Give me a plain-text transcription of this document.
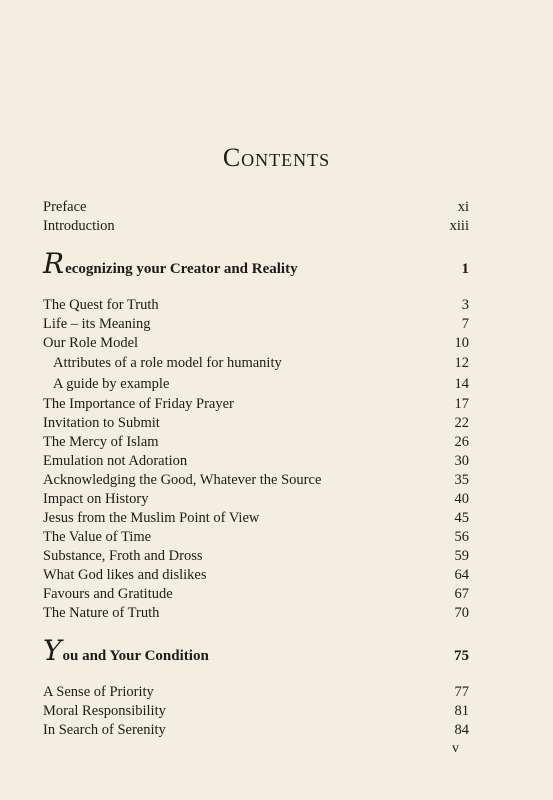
Contents
Preface	xi
Introduction	xiii
Recognizing your Creator and Reality	1
The Quest for Truth	3
Life – its Meaning	7
Our Role Model	10
Attributes of a role model for humanity	12
A guide by example	14
The Importance of Friday Prayer	17
Invitation to Submit	22
The Mercy of Islam	26
Emulation not Adoration	30
Acknowledging the Good, Whatever the Source	35
Impact on History	40
Jesus from the Muslim Point of View	45
The Value of Time	56
Substance, Froth and Dross	59
What God likes and dislikes	64
Favours and Gratitude	67
The Nature of Truth	70
You and Your Condition	75
A Sense of Priority	77
Moral Responsibility	81
In Search of Serenity	84
v
